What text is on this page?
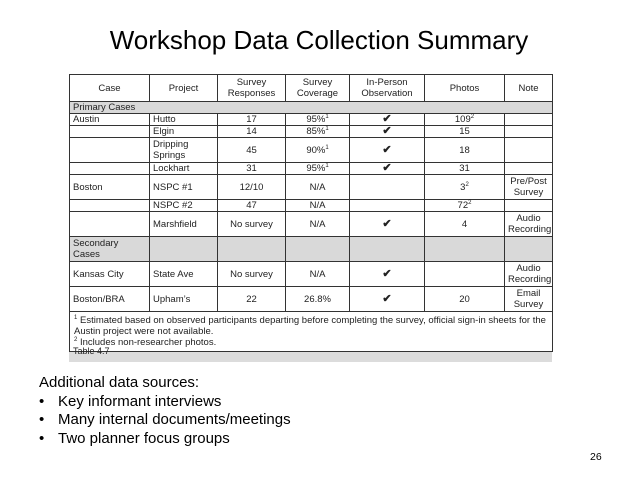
Workshop Data Collection Summary
Case	Project	Survey Responses	Survey Coverage	In-Person Observation	Photos	Note
Primary Cases						
Austin	Hutto	17	95%$^1$	✔	$109^2$	
	Elgin	14	85%$^1$	✔	15	
	Dripping Springs	45	90%$^1$	✔	18	
	Lockhart	31	95%$^1$	✔	31	
Boston	NSPC #1	12/10	N/A		$3^2$	Pre/Post Survey
	NSPC #2	47	N/A		$72^2$	
	Marshfield	No survey	N/A	✔	4	Audio Recording
Secondary Cases						
Kansas City	State Ave	No survey	N/A	✔		Audio Recording
Boston/BRA	Upham’s	22	26.8%	✔	20	Email Survey

$^1$ Estimated based on observed participants departing before completing the survey, official sign-in sheets for the Austin project were not available.
$^2$ Includes non-researcher photos.						
Table 4.7
Additional data sources:
• Key informant interviews
• Many internal documents/meetings
• Two planner focus groups
26
